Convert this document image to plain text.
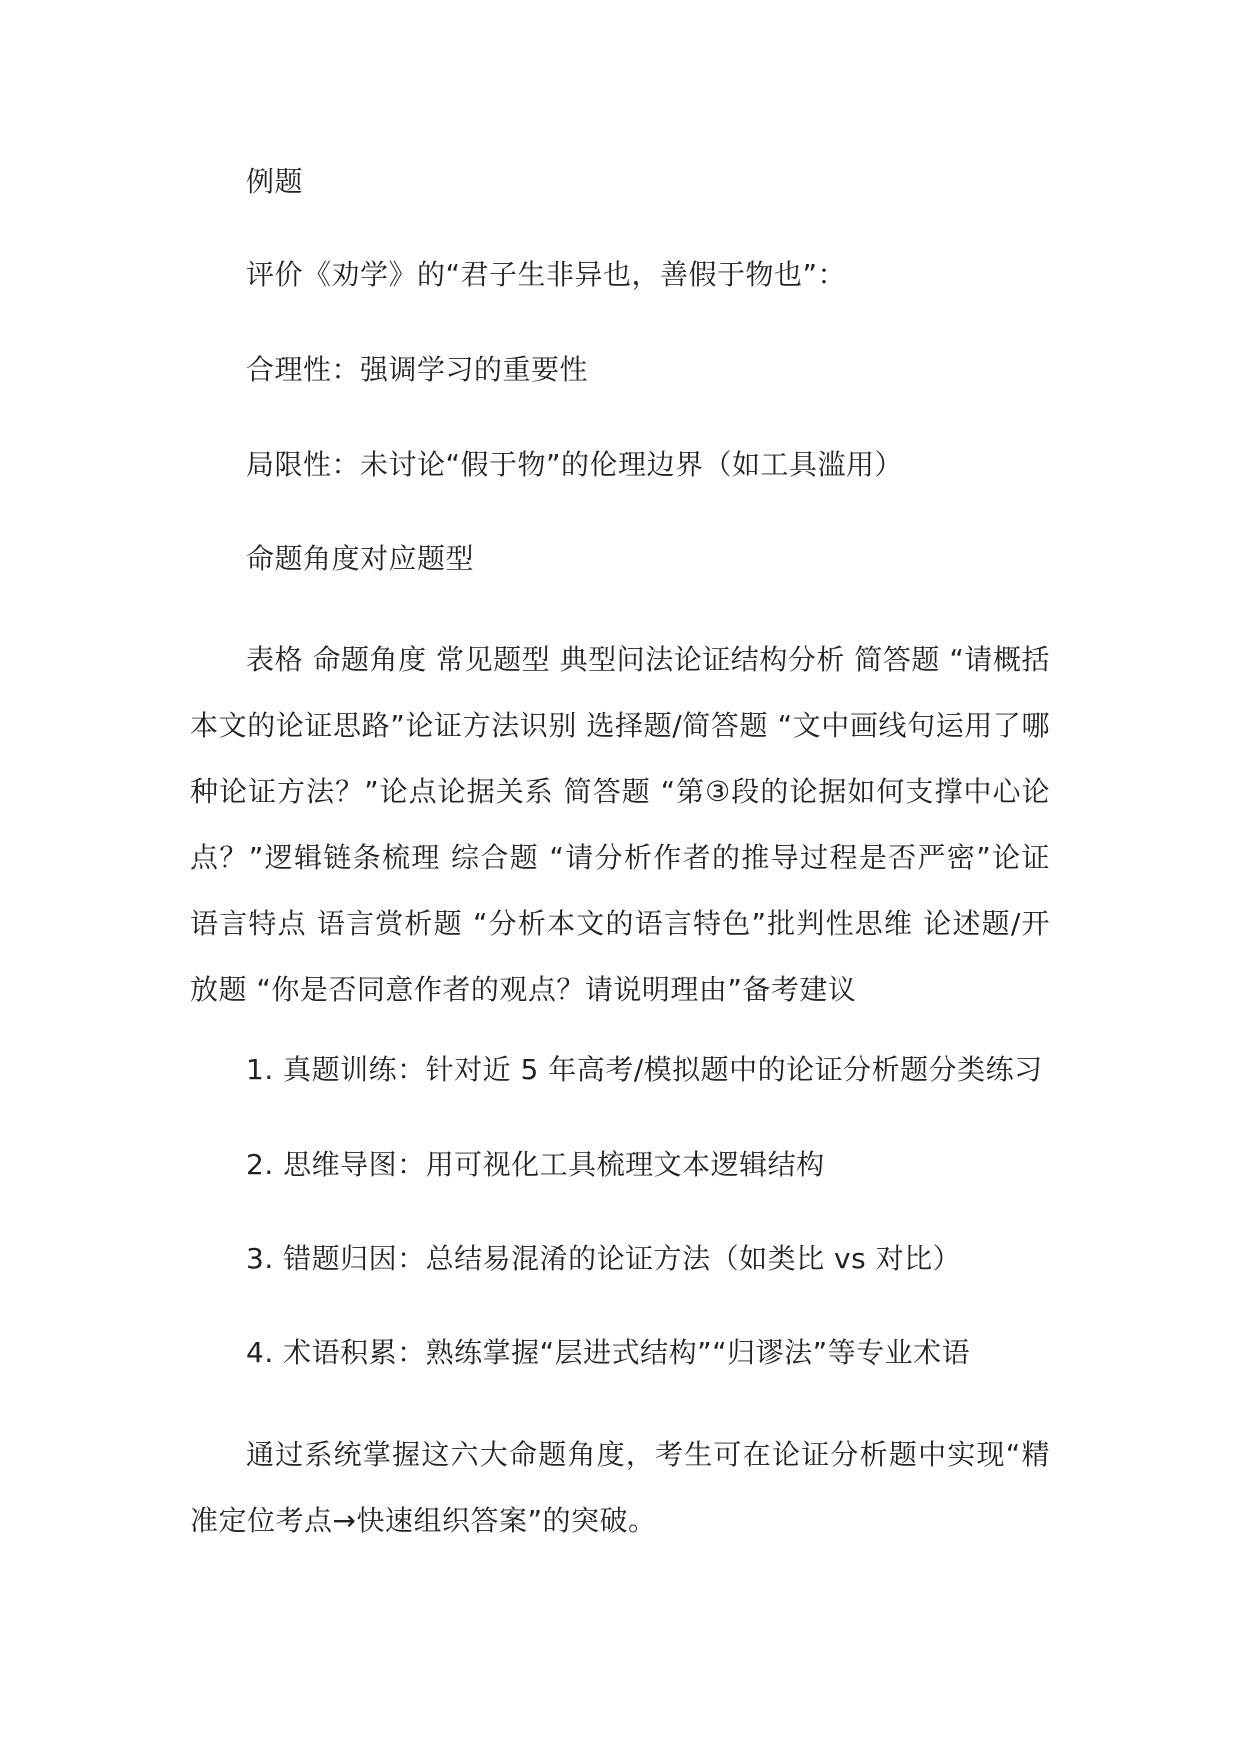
例题

评价《劝学》的“君子生非异也，善假于物也”：

合理性：强调学习的重要性

局限性：未讨论“假于物”的伦理边界（如工具滥用）

命题角度对应题型

表格 命题角度 常见题型 典型问法论证结构分析 简答题 “请概括本文的论证思路”论证方法识别 选择题/简答题 “文中画线句运用了哪种论证方法？”论点论据关系 简答题 “第③段的论据如何支撑中心论点？”逻辑链条梳理 综合题 “请分析作者的推导过程是否严密”论证语言特点 语言赏析题 “分析本文的语言特色”批判性思维 论述题/开放题 “你是否同意作者的观点？请说明理由”备考建议

1. 真题训练：针对近 5 年高考/模拟题中的论证分析题分类练习

2. 思维导图：用可视化工具梳理文本逻辑结构

3. 错题归因：总结易混淆的论证方法（如类比 vs 对比）

4. 术语积累：熟练掌握“层进式结构”“归谬法”等专业术语

通过系统掌握这六大命题角度，考生可在论证分析题中实现“精准定位考点→快速组织答案”的突破。
